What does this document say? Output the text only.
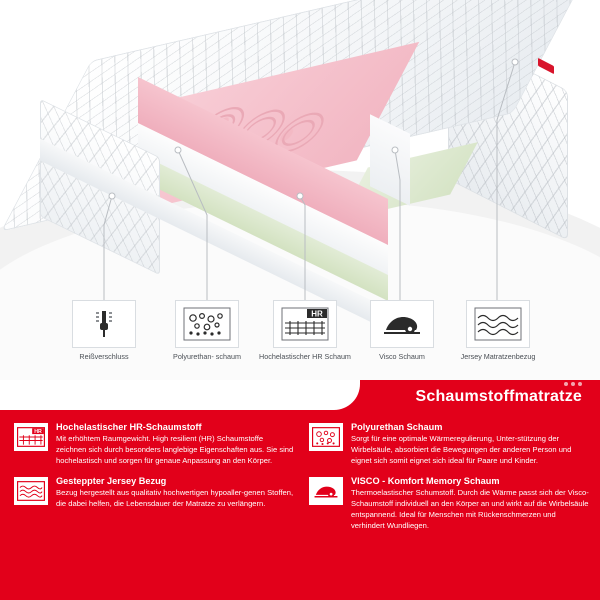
Reißverschluss	Polyurethan- schaum
HR
Hochelastischer HR Schaum	Visco Schaum	Jersey Matratzenbezug
Schaumstoffmatratze
HR
Hochelastischer HR-Schaumstoff
Mit erhöhtem Raumgewicht. High resilient (HR) Schaumstoffe zeichnen sich durch besonders langlebige Eigenschaften aus. Sie sind hochelastisch und sorgen für genaue Anpassung an den Körper.
Polyurethan Schaum
Sorgt für eine optimale Wärmeregulierung, Unter-stützung der Wirbelsäule, absorbiert die Bewegungen der anderen Person und eignet sich somit eignet sich ideal für Paare und Kinder.
Gesteppter Jersey Bezug
Bezug hergestellt aus qualitativ hochwertigen hypoaller-genen Stoffen, die dabei helfen, die Lebensdauer der Matratze zu verlängern.
VISCO - Komfort Memory Schaum
Thermoelastischer Schumstoff. Durch die Wärme passt sich der Visco-Schaumstoff individuell an den Körper an und wirkt auf die Wirbelsäule entspannend. Ideal für Menschen mit Rückenschmerzen und verhindert Wundliegen.
